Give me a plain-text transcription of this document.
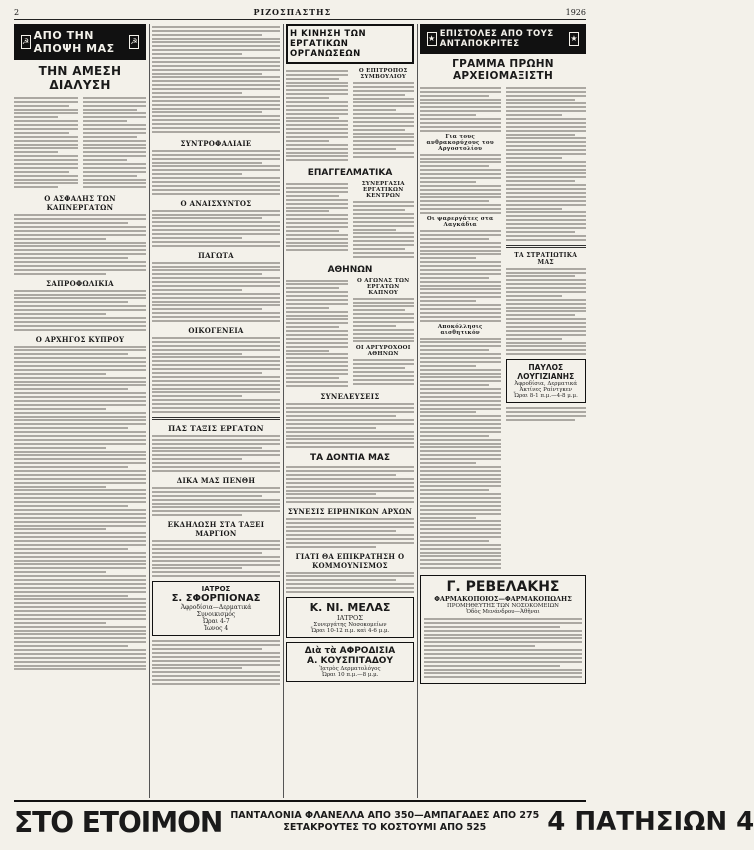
2	ΡΙΖΟΣΠΑΣΤΗΣ	1926
☭ ΑΠΟ ΤΗΝ ΑΠΟΨΗ ΜΑΣ
☭
ΤΗΝ ΑΜΕΣΗ ΔΙΑΛΥΣΗ
Ο ΑΣΦΑΛΗΣ ΤΩΝ ΚΑΠΝΕΡΓΑΤΩΝ
ΣΑΠΡΟΦΩΛΙΚΙΑ
Ο ΑΡΧΗΓΟΣ ΚΥΠΡΟΥ
ΣΥΝΤΡΟΦΑΛΙΑΙΕ
Ο ΑΝΑΙΣΧΥΝΤΟΣ
ΠΑΓΩΤΑ
ΟΙΚΟΓΕΝΕΙΑ
ΠΑΣ ΤΑΞΙΣ ΕΡΓΑΤΩΝ
ΔΙΚΑ ΜΑΣ ΠΕΝΘΗ
ΕΚΔΗΛΩΣΗ ΣΤΑ ΤΑΞΕΙ ΜΑΡΓΙΟΝ
ΙΑΤΡΟΣ
Σ. ΣΦΟΡΠΙΟΝΑΣ
Ἀφροδίσια—Δερματικά
Συνοικισμός
Ὧραι 4-7
Ἰωνος 4
Η ΚΙΝΗΣΗ ΤΩΝ ΕΡΓΑΤΙΚΩΝ ΟΡΓΑΝΩΣΕΩΝ
Ο ΕΠΙΤΡΟΠΟΣ ΣΥΜΒΟΥΛΙΟΥ
ΕΠΑΓΓΕΛΜΑΤΙΚΑ
ΣΥΝΕΡΓΑΣΙΑ ΕΡΓΑΤΙΚΩΝ ΚΕΝΤΡΩΝ
ΑΘΗΝΩΝ
Ο ΑΓΩΝΑΣ ΤΩΝ ΕΡΓΑΤΩΝ ΚΑΠΝΟΥ
ΟΙ ΑΡΓΥΡΟΧΟΟΙ ΑΘΗΝΩΝ
ΣΥΝΕΛΕΥΣΕΙΣ
ΤΑ ΔΟΝΤΙΑ ΜΑΣ
ΣΥΝΕΣΙΣ ΕΙΡΗΝΙΚΩΝ ΑΡΧΩΝ
ΓΙΑΤΙ ΘΑ ΕΠΙΚΡΑΤΗΣΗ Ο ΚΟΜΜΟΥΝΙΣΜΟΣ
Κ. ΝΙ. ΜΕΛΑΣ
ΙΑΤΡΟΣ
Συνεργάτης Νοσοκομείων
Ὧραι 10-12 π.μ. καὶ 4-6 μ.μ.
Διὰ τὰ ΑΦΡΟΔΙΣΙΑ
Α. ΚΟΥΣΠΙΤΑΔΟΥ
Ἰατρὸς Δερματολόγος
Ὧραι 10 π.μ.—8 μ.μ.
★ ΕΠΙΣΤΟΛΕΣ ΑΠΟ ΤΟΥΣ ΑΝΤΑΠΟΚΡΙΤΕΣ
★
ΓΡΑΜΜΑ ΠΡΩΗΝ ΑΡΧΕΙΟΜΑΞΙΣΤΗ
Για τους ανθρακορύχους του Αργοστολίου
Οι ψαρεργάτες στα Λαγκάδια
Αποκόλλησις αισθητικόν
ΤΑ ΣΤΡΑΤΙΩΤΙΚΑ ΜΑΣ
ΠΑΥΛΟΣ ΛΟΥΓΙΖΙΑΝΗΣ
Ἀφροδίσια, Δερματικά
Ἀκτίνες Ραίντγκεν
Ὧραι 8-1 π.μ.—4-8 μ.μ.
Γ. ΡΕΒΕΛΑΚΗΣ
ΦΑΡΜΑΚΟΠΟΙΟΣ—ΦΑΡΜΑΚΟΠΩΛΗΣ
ΠΡΟΜΗΘΕΥΤΗΣ ΤΩΝ ΝΟΣΟΚΟΜΕΙΩΝ
Ὁδὸς Μενάνδρου—Ἀθῆναι
ΣΤΟ ΕΤΟΙΜΟΝ ΠΑΝΤΑΛΟΝΙΑ ΦΛΑΝΕΛΛΑ ΑΠΟ 350—ΑΜΠΑΓΑΔΕΣ ΑΠΟ 275
ΣΕΤΑΚΡΟΥΤΕΣ ΤΟ ΚΟΣΤΟΥΜΙ ΑΠΟ 525	4 ΠΑΤΗΣΙΩΝ 4
